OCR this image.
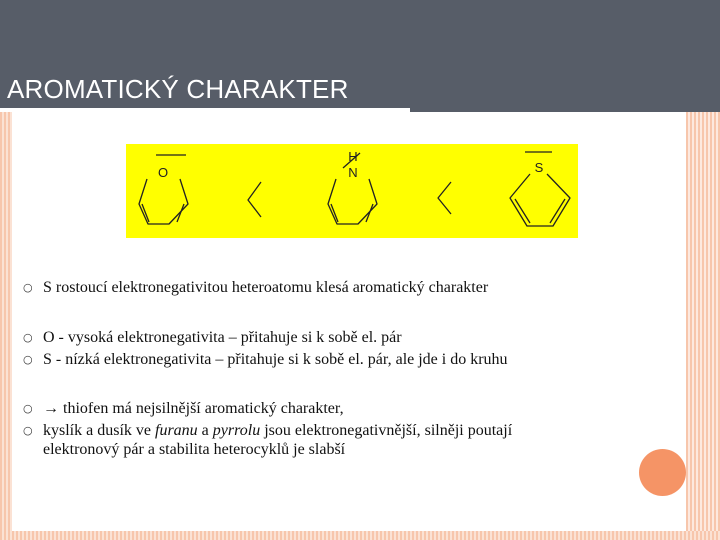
AROMATICKÝ CHARAKTER
O
H
N	S
○ S rostoucí elektronegativitou heteroatomu klesá aromatický charakter
○ O - vysoká elektronegativita – přitahuje si k sobě el. pár
○ S - nízká elektronegativita – přitahuje si k sobě el. pár, ale jde i do kruhu
○ → thiofen má nejsilnější aromatický charakter,
○ kyslík a dusík ve furanu a pyrrolu jsou elektronegativnější, silněji poutají
elektronový pár a stabilita heterocyklů je slabší
